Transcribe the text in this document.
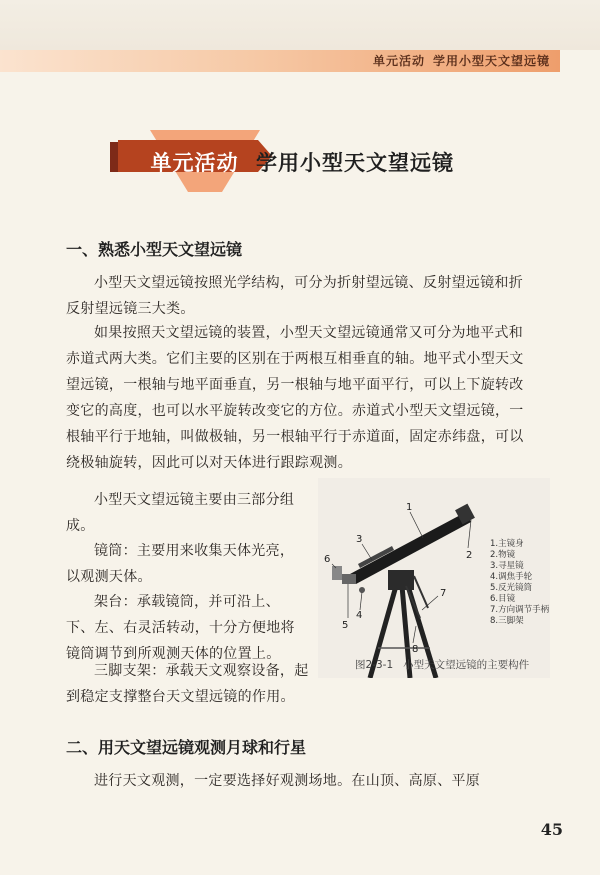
单元活动 学用小型天文望远镜
单元活动 学用小型天文望远镜
一、熟悉小型天文望远镜

小型天文望远镜按照光学结构，可分为折射望远镜、反射望远镜和折反射望远镜三大类。

如果按照天文望远镜的装置，小型天文望远镜通常又可分为地平式和赤道式两大类。它们主要的区别在于两根互相垂直的轴。地平式小型天文望远镜，一根轴与地平面垂直，另一根轴与地平面平行，可以上下旋转改变它的高度，也可以水平旋转改变它的方位。赤道式小型天文望远镜，一根轴平行于地轴，叫做极轴，另一根轴平行于赤道面，固定赤纬盘，可以绕极轴旋转，因此可以对天体进行跟踪观测。

小型天文望远镜主要由三部分组成。

镜筒：主要用来收集天体光亮，以观测天体。

架台：承载镜筒，并可沿上、下、左、右灵活转动，十分方便地将镜筒调节到所观测天体的位置上。

三脚支架：承载天文观察设备，起到稳定支撑整台天文望远镜的作用。

1
2
3
4
5
6
7
8
1.主镜身
2.物镜
3.寻星镜
4.调焦手轮
5.反光镜筒
6.目镜
7.方向调节手柄
8.三脚架
图2-3-1 小型天文望远镜的主要构件
二、用天文望远镜观测月球和行星

进行天文观测，一定要选择好观测场地。在山顶、高原、平原

45
